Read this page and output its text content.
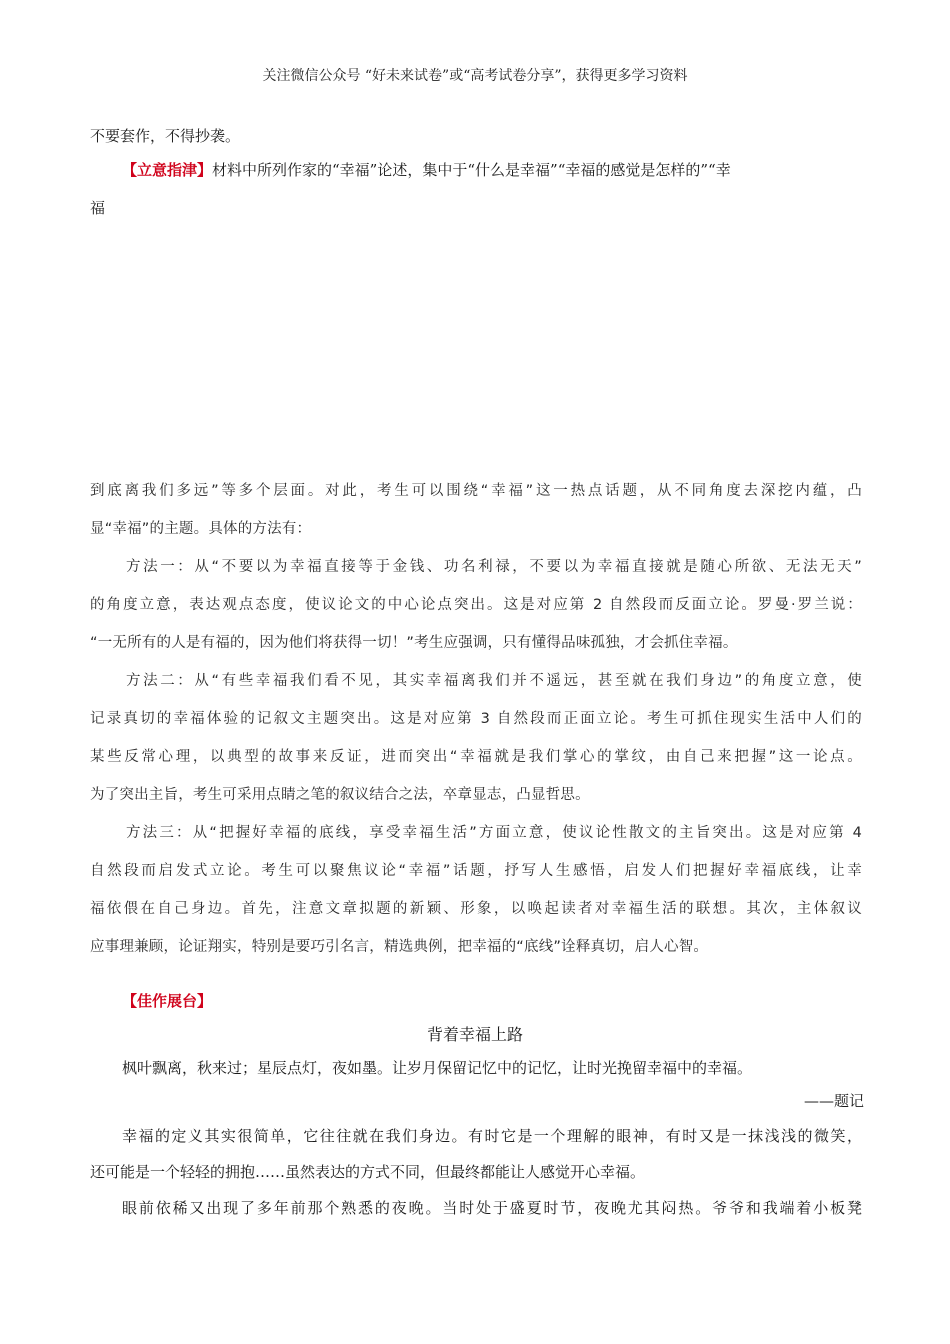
关注微信公众号 “好未来试卷”或“高考试卷分享”，获得更多学习资料
不要套作，不得抄袭。
【立意指津】材料中所列作家的“幸福”论述，集中于“什么是幸福”“幸福的感觉是怎样的”“幸
福
到底离我们多远”等多个层面。对此，考生可以围绕“幸福”这一热点话题，从不同角度去深挖内蕴，凸
显“幸福”的主题。具体的方法有：
方法一：从“不要以为幸福直接等于金钱、功名利禄，不要以为幸福直接就是随心所欲、无法无天”
的角度立意，表达观点态度，使议论文的中心论点突出。这是对应第 2 自然段而反面立论。罗曼·罗兰说：
“一无所有的人是有福的，因为他们将获得一切！”考生应强调，只有懂得品味孤独，才会抓住幸福。
方法二：从“有些幸福我们看不见，其实幸福离我们并不遥远，甚至就在我们身边”的角度立意，使
记录真切的幸福体验的记叙文主题突出。这是对应第 3 自然段而正面立论。考生可抓住现实生活中人们的
某些反常心理，以典型的故事来反证，进而突出“幸福就是我们掌心的掌纹，由自己来把握”这一论点。
为了突出主旨，考生可采用点睛之笔的叙议结合之法，卒章显志，凸显哲思。
方法三：从“把握好幸福的底线，享受幸福生活”方面立意，使议论性散文的主旨突出。这是对应第 4
自然段而启发式立论。考生可以聚焦议论“幸福”话题，抒写人生感悟，启发人们把握好幸福底线，让幸
福依偎在自己身边。首先，注意文章拟题的新颖、形象，以唤起读者对幸福生活的联想。其次，主体叙议
应事理兼顾，论证翔实，特别是要巧引名言，精选典例，把幸福的“底线”诠释真切，启人心智。
【佳作展台】
背着幸福上路
枫叶飘离，秋来过；星辰点灯，夜如墨。让岁月保留记忆中的记忆，让时光挽留幸福中的幸福。
——题记
幸福的定义其实很简单，它往往就在我们身边。有时它是一个理解的眼神，有时又是一抹浅浅的微笑，
还可能是一个轻轻的拥抱……虽然表达的方式不同，但最终都能让人感觉开心幸福。
眼前依稀又出现了多年前那个熟悉的夜晚。当时处于盛夏时节，夜晚尤其闷热。爷爷和我端着小板凳
